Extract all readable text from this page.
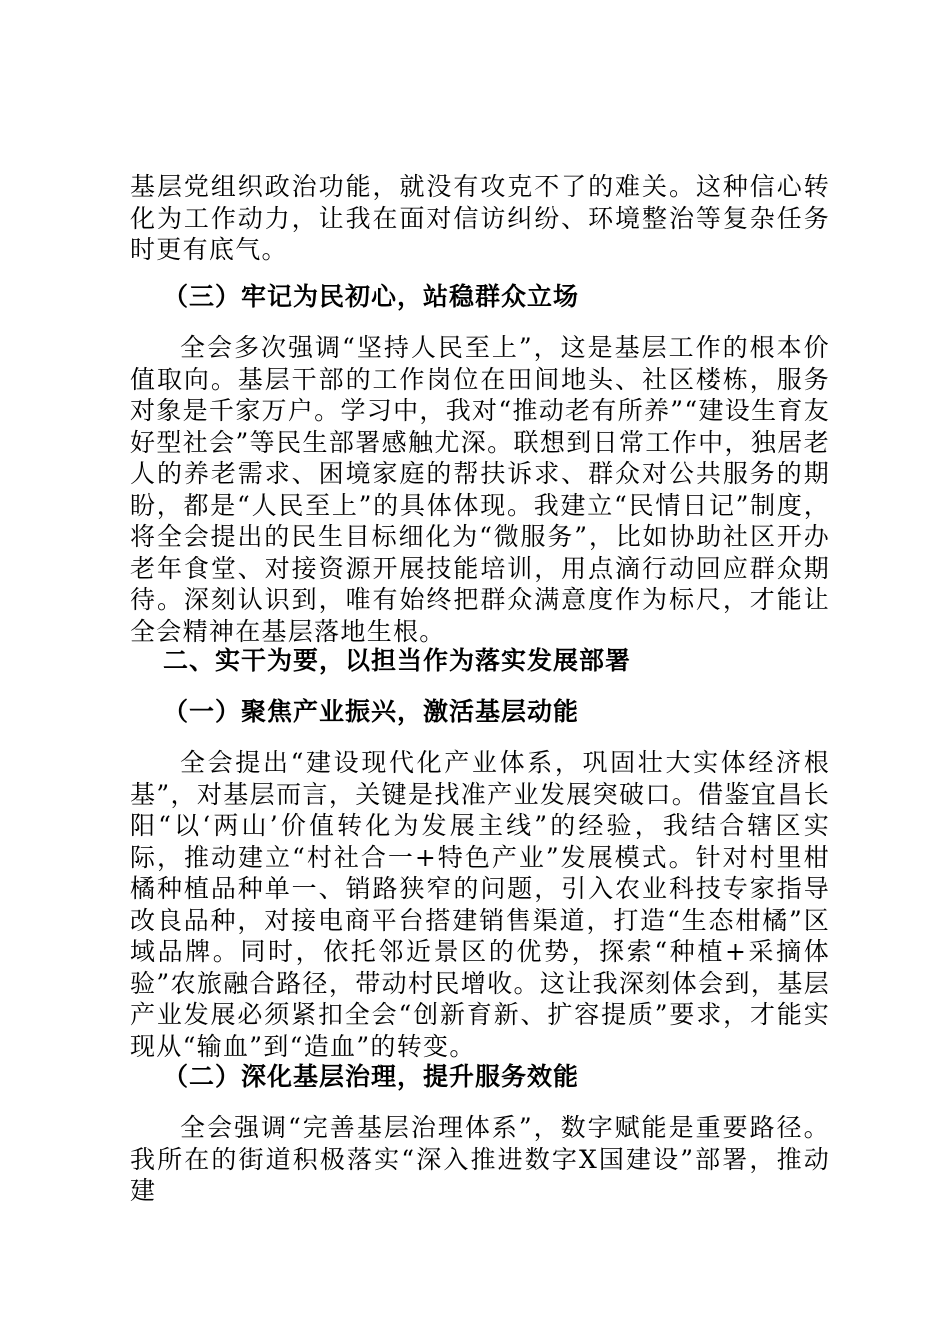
基层党组织政治功能，就没有攻克不了的难关。这种信心转化为工作动力，让我在面对信访纠纷、环境整治等复杂任务时更有底气。

（三）牢记为民初心，站稳群众立场

全会多次强调“坚持人民至上”，这是基层工作的根本价值取向。基层干部的工作岗位在田间地头、社区楼栋，服务对象是千家万户。学习中，我对“推动老有所养”“建设生育友好型社会”等民生部署感触尤深。联想到日常工作中，独居老人的养老需求、困境家庭的帮扶诉求、群众对公共服务的期盼，都是“人民至上”的具体体现。我建立“民情日记”制度，将全会提出的民生目标细化为“微服务”，比如协助社区开办老年食堂、对接资源开展技能培训，用点滴行动回应群众期待。深刻认识到，唯有始终把群众满意度作为标尺，才能让全会精神在基层落地生根。

二、实干为要，以担当作为落实发展部署

（一）聚焦产业振兴，激活基层动能

全会提出“建设现代化产业体系，巩固壮大实体经济根基”，对基层而言，关键是找准产业发展突破口。借鉴宜昌长阳“以‘两山’价值转化为发展主线”的经验，我结合辖区实际，推动建立“村社合一+特色产业”发展模式。针对村里柑橘种植品种单一、销路狭窄的问题，引入农业科技专家指导改良品种，对接电商平台搭建销售渠道，打造“生态柑橘”区域品牌。同时，依托邻近景区的优势，探索“种植+采摘体验”农旅融合路径，带动村民增收。这让我深刻体会到，基层产业发展必须紧扣全会“创新育新、扩容提质”要求，才能实现从“输血”到“造血”的转变。

（二）深化基层治理，提升服务效能

全会强调“完善基层治理体系”，数字赋能是重要路径。我所在的街道积极落实“深入推进数字X国建设”部署，推动建
